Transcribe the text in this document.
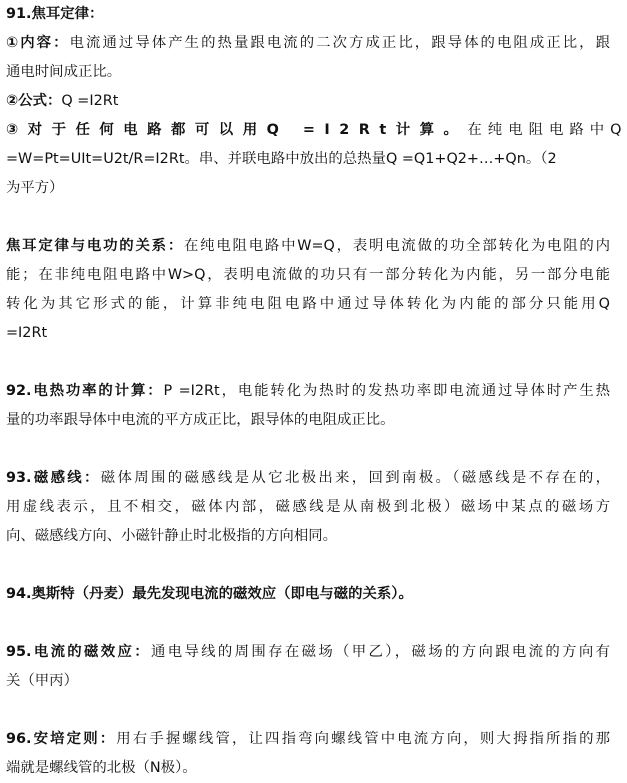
91.焦耳定律：
①内容：电流通过导体产生的热量跟电流的二次方成正比，跟导体的电阻成正比，跟
通电时间成正比。
②公式：Q =I2Rt
③对于任何电路都可以用Q =I2Rt计算。在纯电阻电路中Q
=W=Pt=UIt=U2t/R=I2Rt。串、并联电路中放出的总热量Q =Q1+Q2+…+Qn。（2
为平方）
焦耳定律与电功的关系：在纯电阻电路中W=Q，表明电流做的功全部转化为电阻的内
能；在非纯电阻电路中W>Q，表明电流做的功只有一部分转化为内能，另一部分电能
转化为其它形式的能，计算非纯电阻电路中通过导体转化为内能的部分只能用Q
=I2Rt
92.电热功率的计算：P =I2Rt，电能转化为热时的发热功率即电流通过导体时产生热
量的功率跟导体中电流的平方成正比，跟导体的电阻成正比。
93.磁感线：磁体周围的磁感线是从它北极出来，回到南极。（磁感线是不存在的，
用虚线表示，且不相交，磁体内部，磁感线是从南极到北极）磁场中某点的磁场方
向、磁感线方向、小磁针静止时北极指的方向相同。
94.奥斯特（丹麦）最先发现电流的磁效应（即电与磁的关系）。
95.电流的磁效应：通电导线的周围存在磁场（甲乙），磁场的方向跟电流的方向有
关（甲丙）
96.安培定则：用右手握螺线管，让四指弯向螺线管中电流方向，则大拇指所指的那
端就是螺线管的北极（N极）。
